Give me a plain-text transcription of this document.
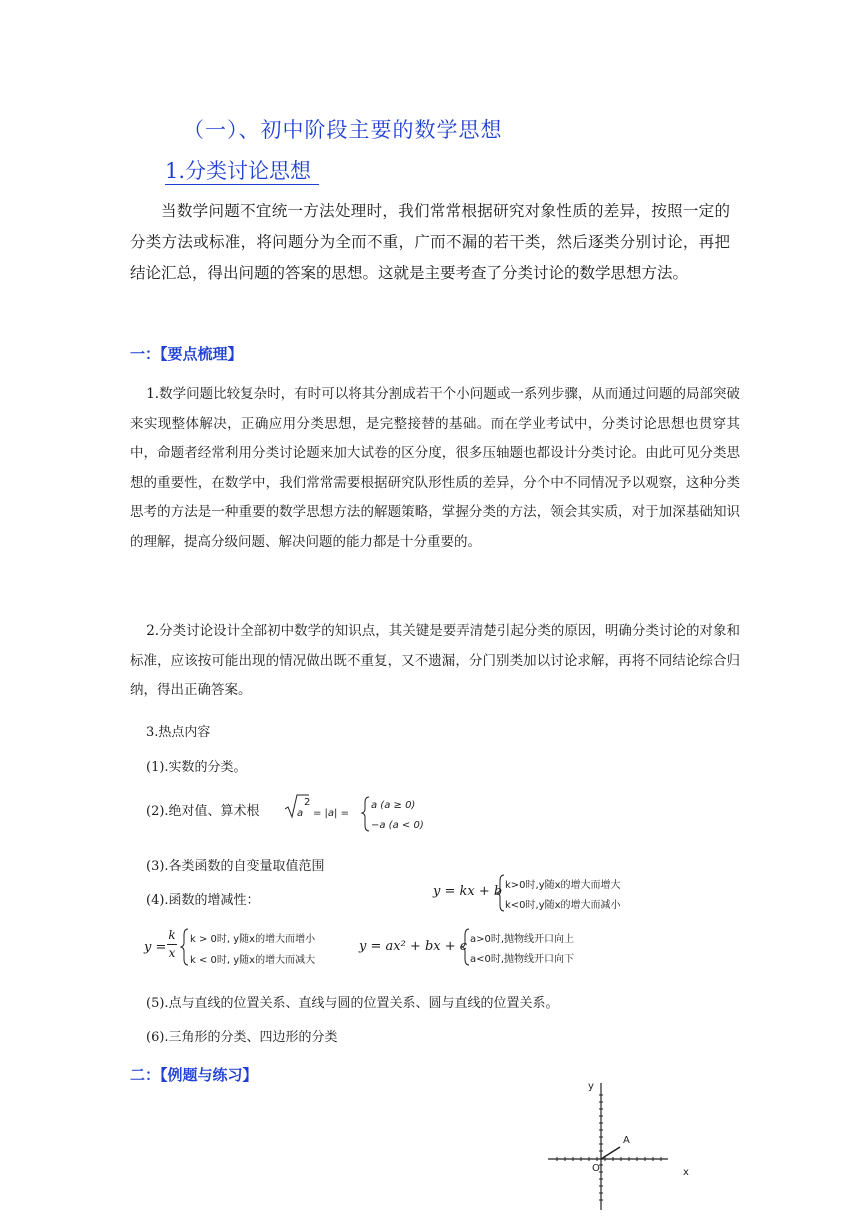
（一）、初中阶段主要的数学思想
1.分类讨论思想
当数学问题不宜统一方法处理时，我们常常根据研究对象性质的差异，按照一定的分类方法或标准，将问题分为全而不重，广而不漏的若干类，然后逐类分别讨论，再把结论汇总，得出问题的答案的思想。这就是主要考查了分类讨论的数学思想方法。
一：【要点梳理】
1.数学问题比较复杂时，有时可以将其分割成若干个小问题或一系列步骤，从而通过问题的局部突破来实现整体解决，正确应用分类思想，是完整接替的基础。而在学业考试中，分类讨论思想也贯穿其中，命题者经常利用分类讨论题来加大试卷的区分度，很多压轴题也都设计分类讨论。由此可见分类思想的重要性，在数学中，我们常常需要根据研究队形性质的差异，分个中不同情况予以观察，这种分类思考的方法是一种重要的数学思想方法的解题策略，掌握分类的方法，领会其实质，对于加深基础知识的理解，提高分级问题、解决问题的能力都是十分重要的。
2.分类讨论设计全部初中数学的知识点，其关键是要弄清楚引起分类的原因，明确分类讨论的对象和标准，应该按可能出现的情况做出既不重复，又不遗漏，分门别类加以讨论求解，再将不同结论综合归纳，得出正确答案。
3.热点内容
(1).实数的分类。
(2).绝对值、算术根	a
2
= |a| =
a (a ≥ 0)
−a (a < 0)
(3).各类函数的自变量取值范围
(4).函数的增减性：
y = kx + b k>0时,y随x的增大而增大
k<0时,y随x的增大而减小
$y = \frac{k}{x}$ k > 0时, y随x的增大而增小
k < 0时, y随x的增大而减大
y = ax² + bx + c a>0时,抛物线开口向上
a<0时,抛物线开口向下
(5).点与直线的位置关系、直线与圆的位置关系、圆与直线的位置关系。
(6).三角形的分类、四边形的分类
二：【例题与练习】
y
x
O
A
